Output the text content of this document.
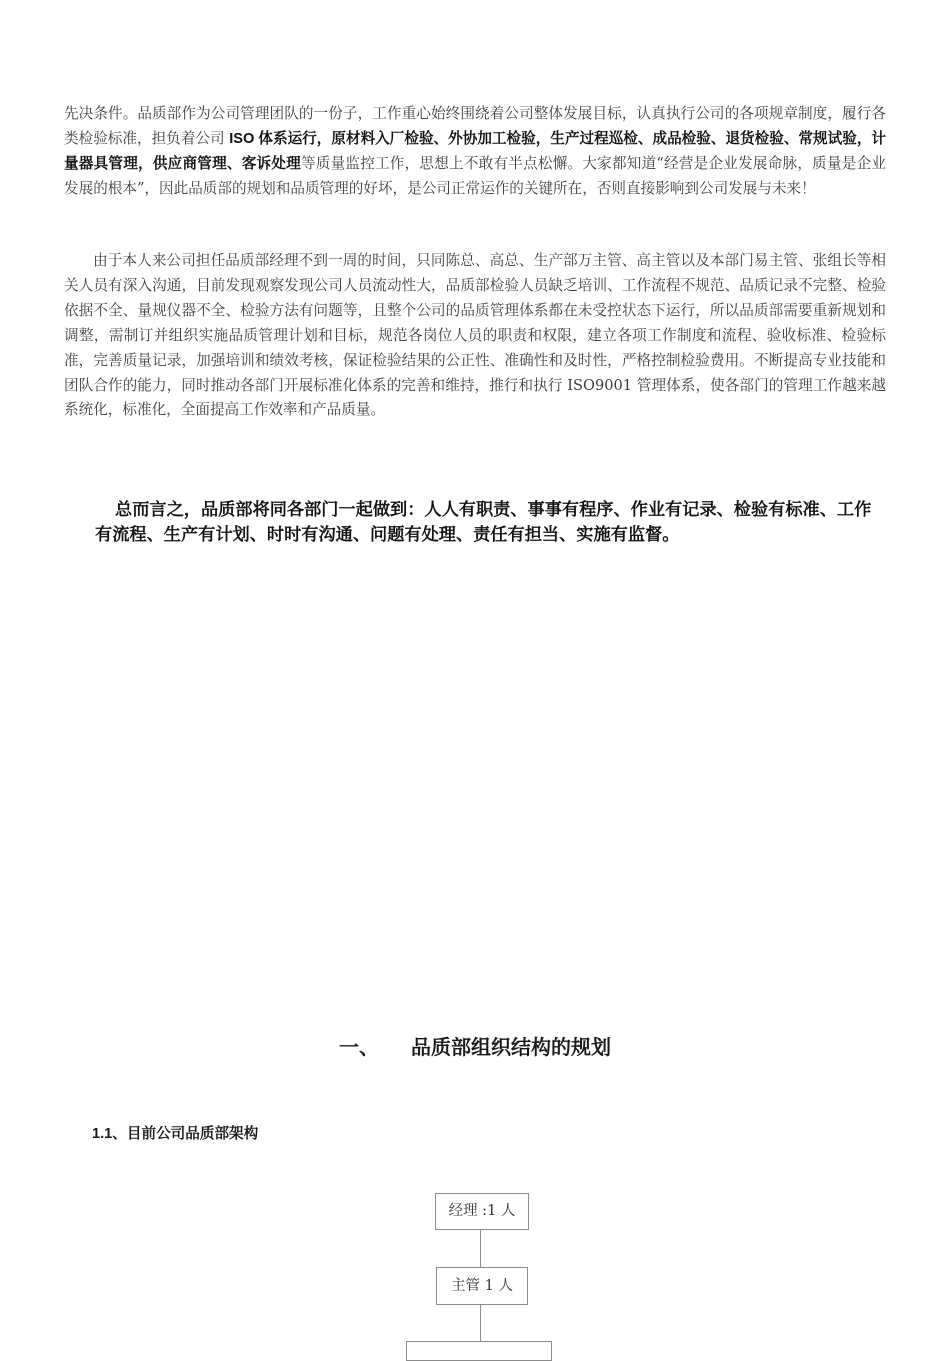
先决条件。品质部作为公司管理团队的一份子，工作重心始终围绕着公司整体发展目标，认真执行公司的各项规章制度，履行各类检验标准，担负着公司 ISO 体系运行，原材料入厂检验、外协加工检验，生产过程巡检、成品检验、退货检验、常规试验，计量器具管理，供应商管理、客诉处理等质量监控工作，思想上不敢有半点松懈。大家都知道“经营是企业发展命脉，质量是企业发展的根本”，因此品质部的规划和品质管理的好坏，是公司正常运作的关键所在，否则直接影响到公司发展与未来！

由于本人来公司担任品质部经理不到一周的时间，只同陈总、高总、生产部万主管、高主管以及本部门易主管、张组长等相关人员有深入沟通，目前发现观察发现公司人员流动性大，品质部检验人员缺乏培训、工作流程不规范、品质记录不完整、检验依据不全、量规仪器不全、检验方法有问题等，且整个公司的品质管理体系都在未受控状态下运行，所以品质部需要重新规划和调整，需制订并组织实施品质管理计划和目标，规范各岗位人员的职责和权限，建立各项工作制度和流程、验收标准、检验标准，完善质量记录，加强培训和绩效考核，保证检验结果的公正性、准确性和及时性，严格控制检验费用。不断提高专业技能和团队合作的能力，同时推动各部门开展标准化体系的完善和维持，推行和执行 ISO9001 管理体系，使各部门的管理工作越来越系统化，标准化，全面提高工作效率和产品质量。

总而言之，品质部将同各部门一起做到：人人有职责、事事有程序、作业有记录、检验有标准、工作有流程、生产有计划、时时有沟通、问题有处理、责任有担当、实施有监督。

一、 品质部组织结构的规划
1.1、目前公司品质部架构
经理 :1 人
主管 1 人
